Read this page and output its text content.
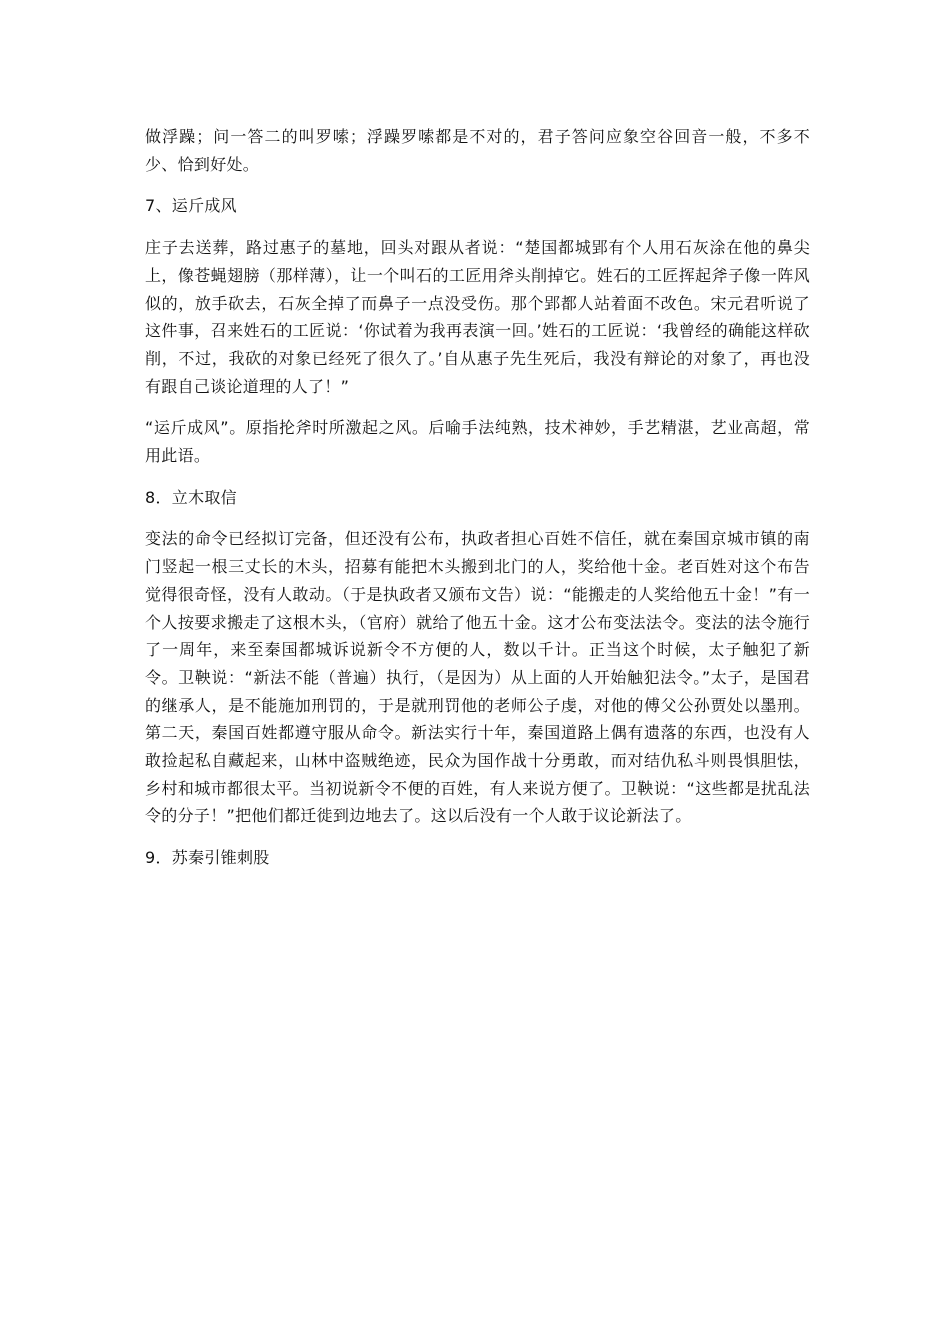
做浮躁；问一答二的叫罗嗦；浮躁罗嗦都是不对的，君子答问应象空谷回音一般，不多不少、恰到好处。

7、运斤成风

庄子去送葬，路过惠子的墓地，回头对跟从者说：“楚国都城郢有个人用石灰涂在他的鼻尖上，像苍蝇翅膀（那样薄），让一个叫石的工匠用斧头削掉它。姓石的工匠挥起斧子像一阵风似的，放手砍去，石灰全掉了而鼻子一点没受伤。那个郢都人站着面不改色。宋元君听说了这件事，召来姓石的工匠说：‘你试着为我再表演一回。’姓石的工匠说：‘我曾经的确能这样砍削，不过，我砍的对象已经死了很久了。’自从惠子先生死后，我没有辩论的对象了，再也没有跟自己谈论道理的人了！”

“运斤成风”。原指抡斧时所激起之风。后喻手法纯熟，技术神妙，手艺精湛，艺业高超，常用此语。

8．立木取信

变法的命令已经拟订完备，但还没有公布，执政者担心百姓不信任，就在秦国京城市镇的南门竖起一根三丈长的木头，招募有能把木头搬到北门的人，奖给他十金。老百姓对这个布告觉得很奇怪，没有人敢动。（于是执政者又颁布文告）说：“能搬走的人奖给他五十金！”有一个人按要求搬走了这根木头，（官府）就给了他五十金。这才公布变法法令。变法的法令施行了一周年，来至秦国都城诉说新令不方便的人，数以千计。正当这个时候，太子触犯了新令。卫鞅说：“新法不能（普遍）执行，（是因为）从上面的人开始触犯法令。”太子，是国君的继承人，是不能施加刑罚的，于是就刑罚他的老师公子虔，对他的傅父公孙贾处以墨刑。第二天，秦国百姓都遵守服从命令。新法实行十年，秦国道路上偶有遗落的东西，也没有人敢捡起私自藏起来，山林中盗贼绝迹，民众为国作战十分勇敢，而对结仇私斗则畏惧胆怯，乡村和城市都很太平。当初说新令不便的百姓，有人来说方便了。卫鞅说：“这些都是扰乱法令的分子！”把他们都迁徙到边地去了。这以后没有一个人敢于议论新法了。

9．苏秦引锥刺股
